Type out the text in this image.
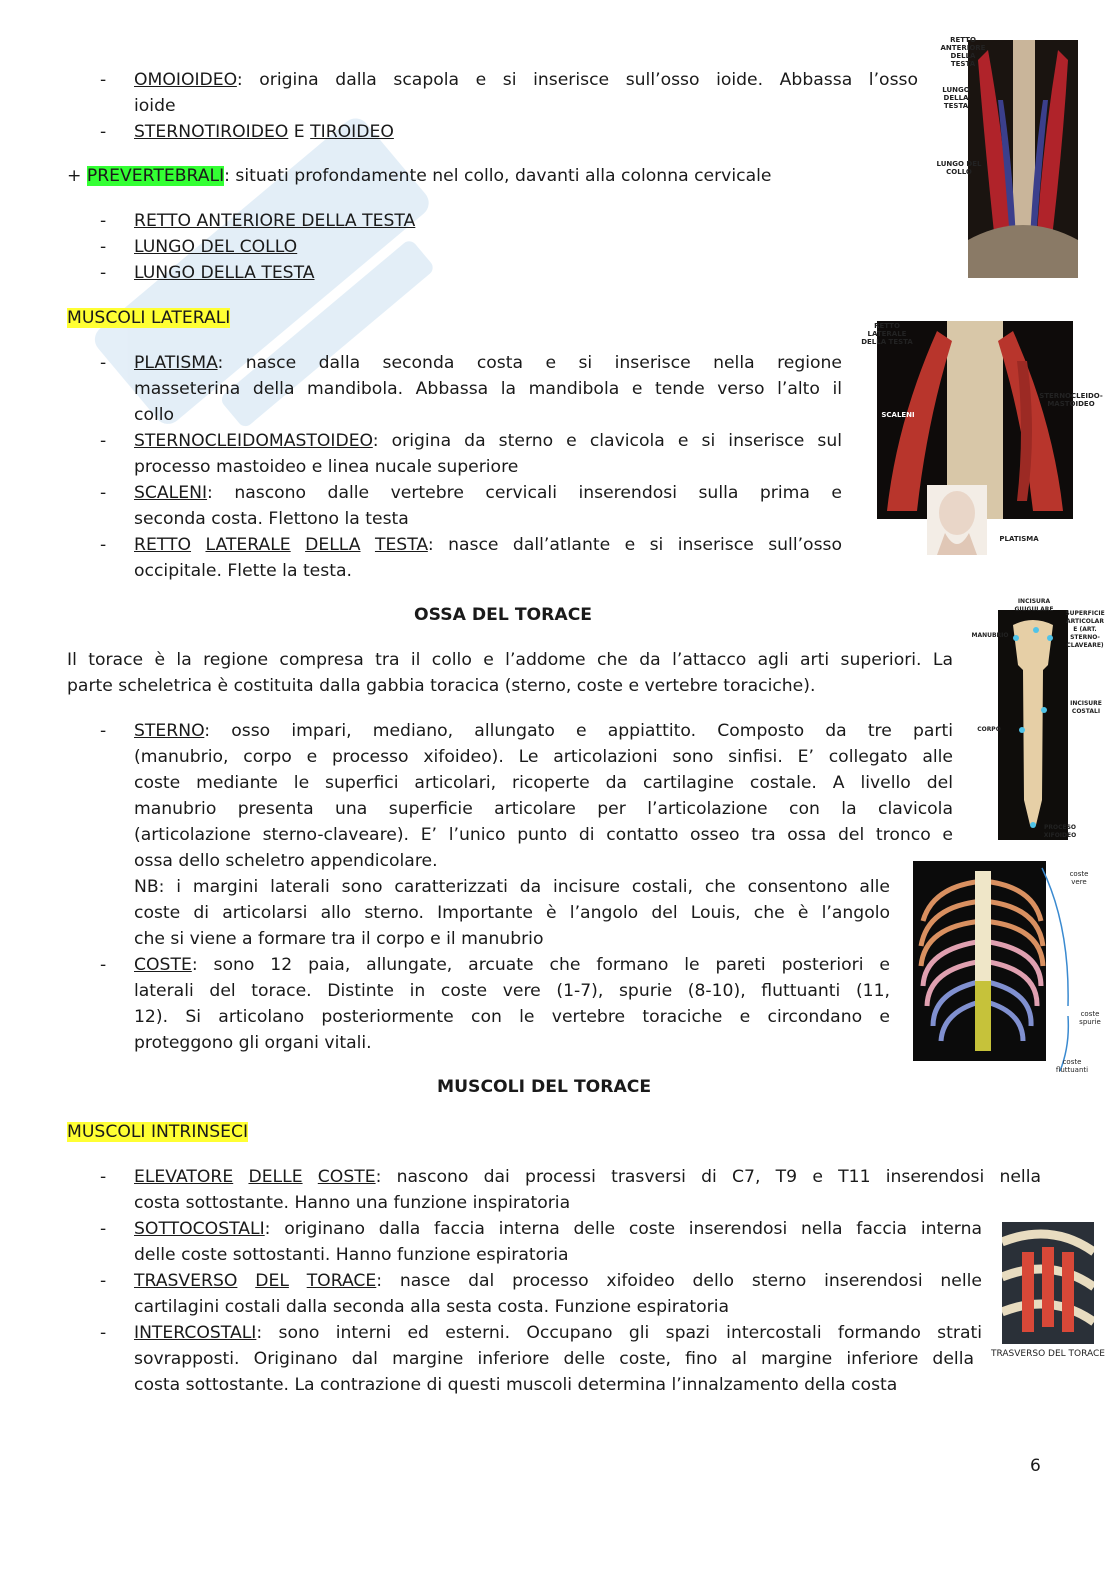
-	OMOIOIDEO: origina dalla scapola e si inserisce sull’osso ioide. Abbassa l’osso
ioide
-	STERNOTIROIDEO E TIROIDEO
+ PREVERTEBRALI: situati profondamente nel collo, davanti alla colonna cervicale
-	RETTO ANTERIORE DELLA TESTA
-	LUNGO DEL COLLO
-	LUNGO DELLA TESTA
MUSCOLI LATERALI
-	PLATISMA: nasce dalla seconda costa e si inserisce nella regione
masseterina della mandibola. Abbassa la mandibola e tende verso l’alto il
collo
-	STERNOCLEIDOMASTOIDEO: origina da sterno e clavicola e si inserisce sul
processo mastoideo e linea nucale superiore
-	SCALENI: nascono dalle vertebre cervicali inserendosi sulla prima e
seconda costa. Flettono la testa
-	RETTO LATERALE DELLA TESTA: nasce dall’atlante e si inserisce sull’osso
occipitale. Flette la testa.
OSSA DEL TORACE
Il torace è la regione compresa tra il collo e l’addome che da l’attacco agli arti superiori. La
parte scheletrica è costituita dalla gabbia toracica (sterno, coste e vertebre toraciche).
-	STERNO: osso impari, mediano, allungato e appiattito. Composto da tre parti
(manubrio, corpo e processo xifoideo). Le articolazioni sono sinfisi. E’ collegato alle
coste mediante le superfici articolari, ricoperte da cartilagine costale. A livello del
manubrio presenta una superficie articolare per l’articolazione con la clavicola
(articolazione sterno-claveare). E’ l’unico punto di contatto osseo tra ossa del tronco e
ossa dello scheletro appendicolare.
NB: i margini laterali sono caratterizzati da incisure costali, che consentono alle
coste di articolarsi allo sterno. Importante è l’angolo del Louis, che è l’angolo
che si viene a formare tra il corpo e il manubrio
-	COSTE: sono 12 paia, allungate, arcuate che formano le pareti posteriori e
laterali del torace. Distinte in coste vere (1-7), spurie (8-10), fluttuanti (11,
12). Si articolano posteriormente con le vertebre toraciche e circondano e
proteggono gli organi vitali.
MUSCOLI DEL TORACE
MUSCOLI INTRINSECI
-	ELEVATORE DELLE COSTE: nascono dai processi trasversi di C7, T9 e T11 inserendosi nella
costa sottostante. Hanno una funzione inspiratoria
-	SOTTOCOSTALI: originano dalla faccia interna delle coste inserendosi nella faccia interna
delle coste sottostanti. Hanno funzione espiratoria
-	TRASVERSO DEL TORACE: nasce dal processo xifoideo dello sterno inserendosi nelle
cartilagini costali dalla seconda alla sesta costa. Funzione espiratoria
-	INTERCOSTALI: sono interni ed esterni. Occupano gli spazi intercostali formando strati
sovrapposti. Originano dal margine inferiore delle coste, fino al margine inferiore della
costa sottostante. La contrazione di questi muscoli determina l’innalzamento della costa
6
RETTO ANTERIORE DELLA TESTA
LUNGO DELLA TESTA
LUNGO DEL COLLO
RETTO LATERALE DELLA TESTA
SCALENI
STERNOCLEIDO- MASTOIDEO
PLATISMA
INCISURA GIUGULARE
SUPERFICIE ARTICOLAR E (ART. STERNO- CLAVEARE)
MANUBRIO
INCISURE COSTALI
CORPO
PROCESO XIFOIDEO
coste vere
coste spurie
coste fluttuanti
TRASVERSO DEL TORACE
